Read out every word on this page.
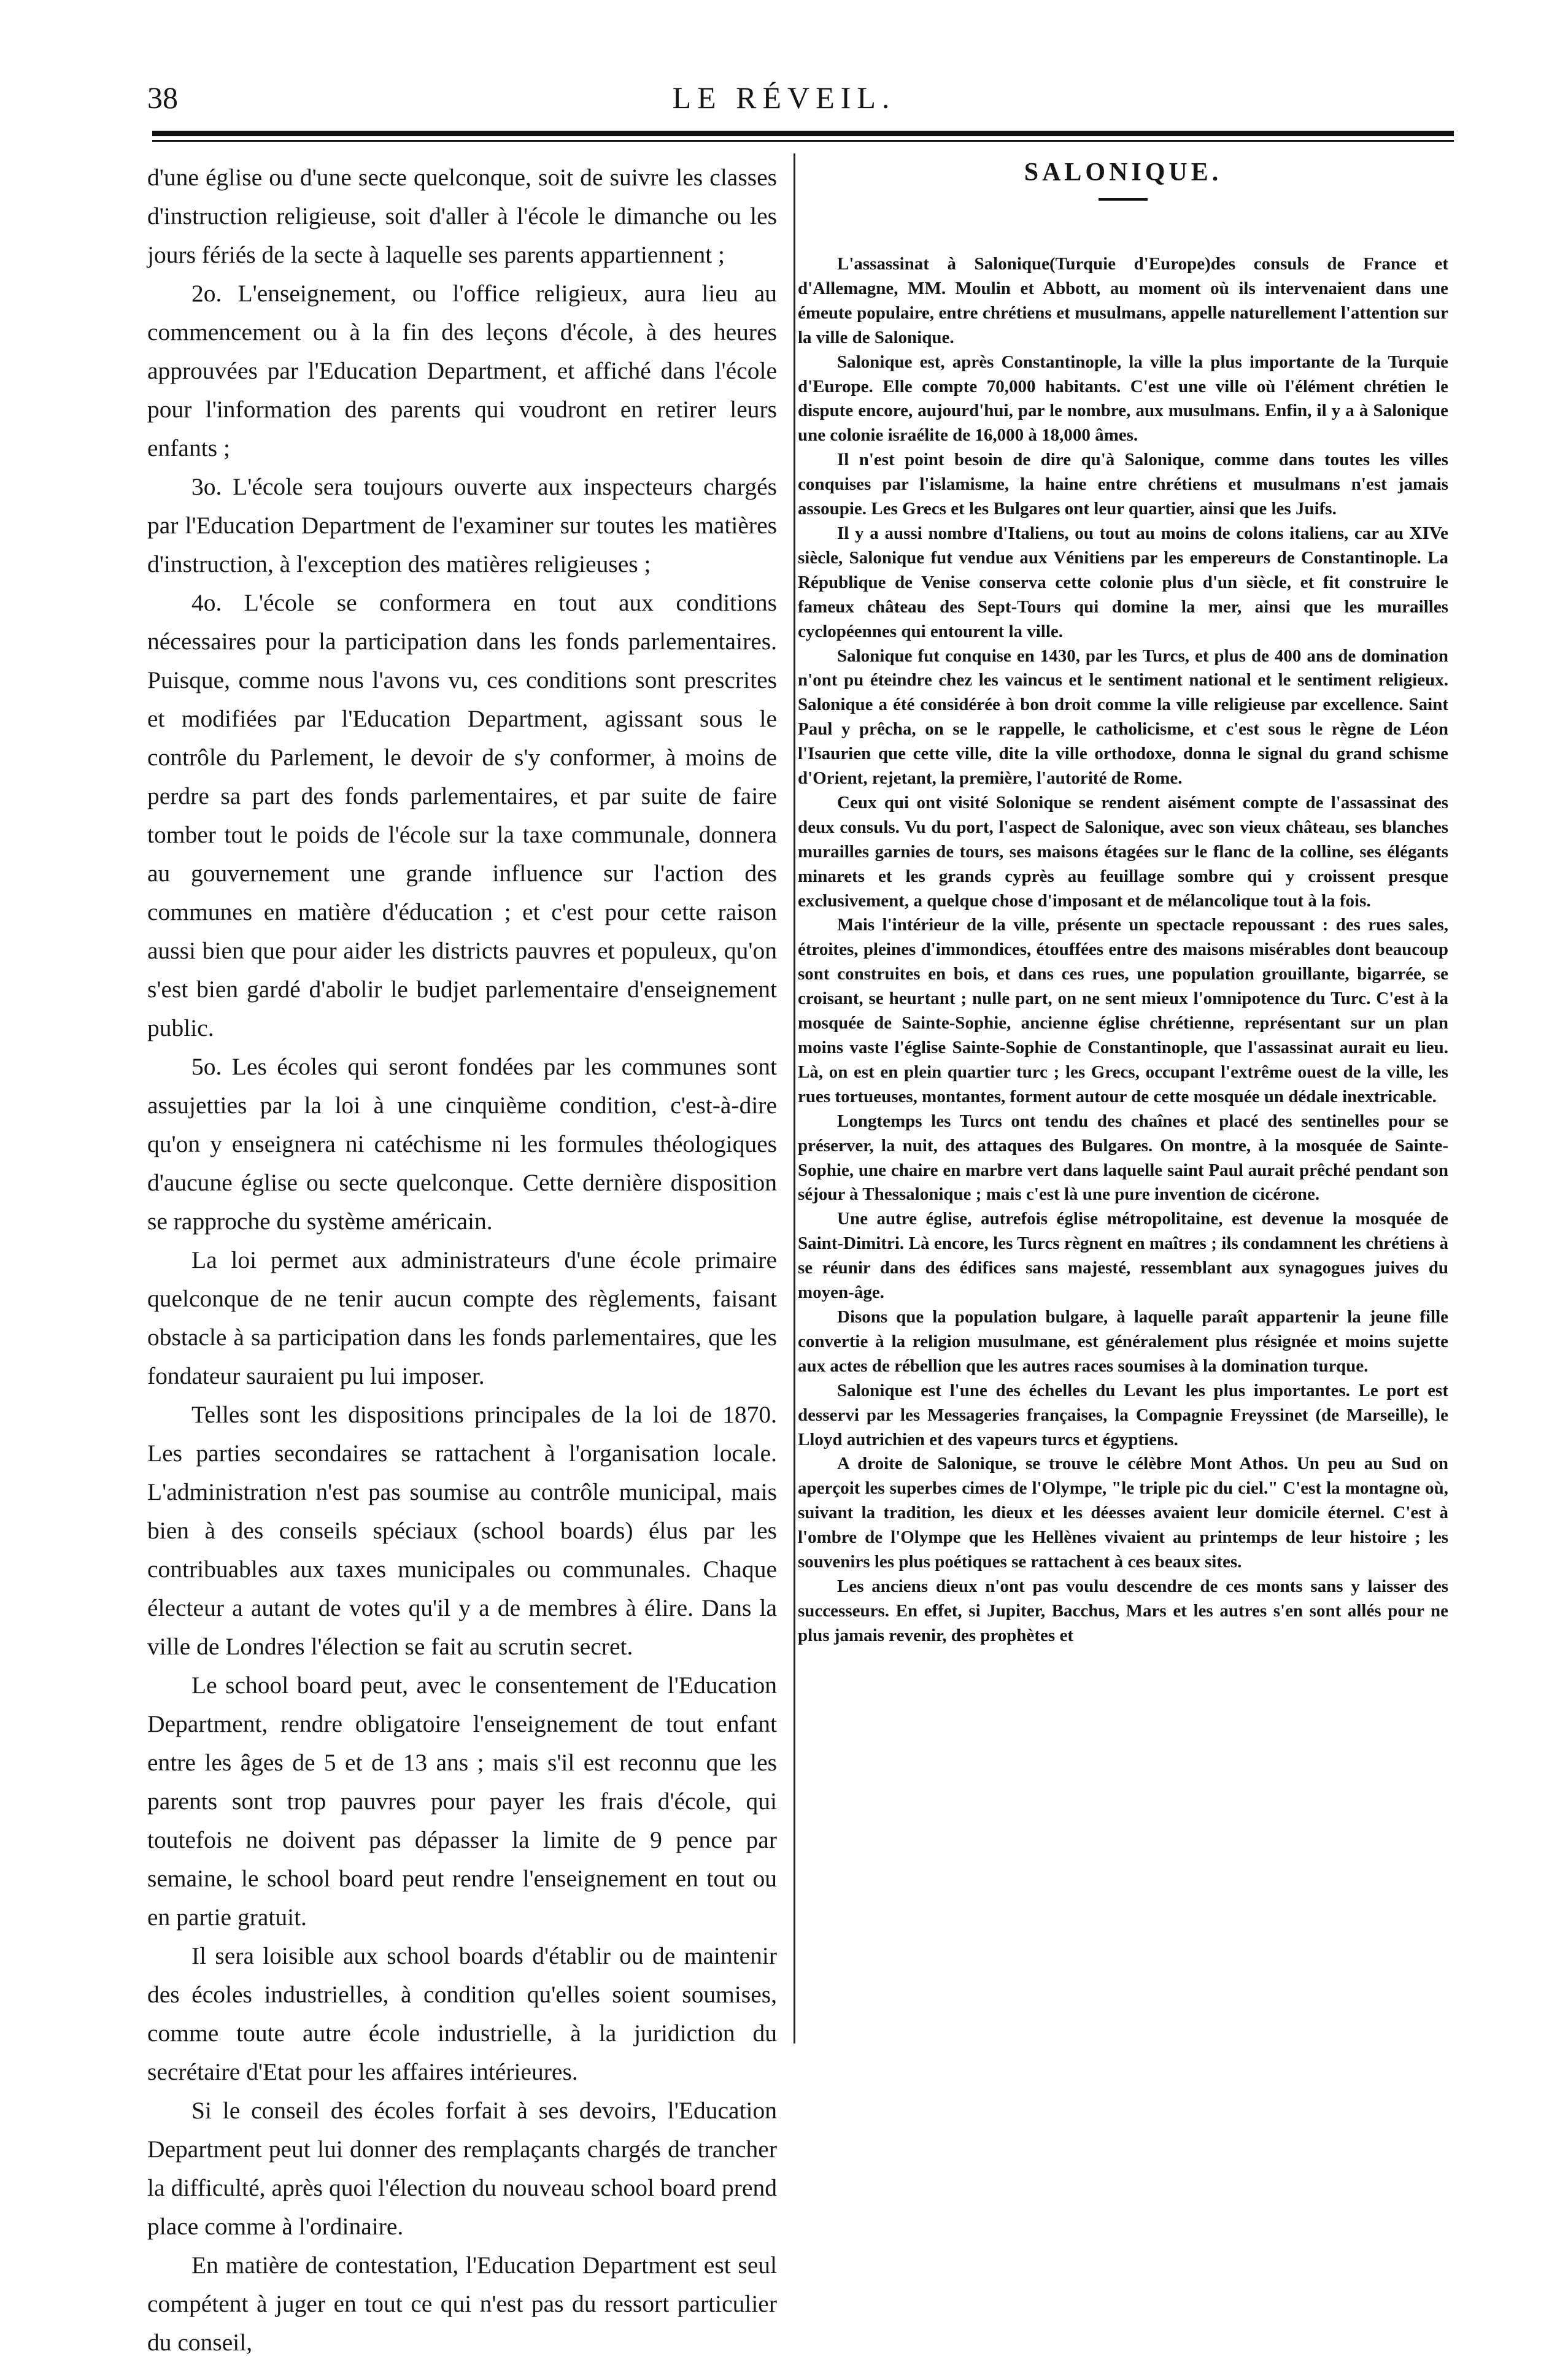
38	LE RÉVEIL.

d'une église ou d'une secte quelconque, soit de suivre les classes d'instruction religieuse, soit d'aller à l'école le dimanche ou les jours fériés de la secte à laquelle ses parents appartiennent ;

2o. L'enseignement, ou l'office religieux, aura lieu au commencement ou à la fin des leçons d'école, à des heures approuvées par l'Education Department, et affiché dans l'école pour l'information des parents qui voudront en retirer leurs enfants ;

3o. L'école sera toujours ouverte aux inspecteurs chargés par l'Education Department de l'examiner sur toutes les matières d'instruction, à l'exception des matières religieuses ;

4o. L'école se conformera en tout aux conditions nécessaires pour la participation dans les fonds parlementaires. Puisque, comme nous l'avons vu, ces conditions sont prescrites et modifiées par l'Education Department, agissant sous le contrôle du Parlement, le devoir de s'y conformer, à moins de perdre sa part des fonds parlementaires, et par suite de faire tomber tout le poids de l'école sur la taxe communale, donnera au gouvernement une grande influence sur l'action des communes en matière d'éducation ; et c'est pour cette raison aussi bien que pour aider les districts pauvres et populeux, qu'on s'est bien gardé d'abolir le budjet parlementaire d'enseignement public.

5o. Les écoles qui seront fondées par les communes sont assujetties par la loi à une cinquième condition, c'est-à-dire qu'on y enseignera ni catéchisme ni les formules théologiques d'aucune église ou secte quelconque. Cette dernière disposition se rapproche du système américain.

La loi permet aux administrateurs d'une école primaire quelconque de ne tenir aucun compte des règlements, faisant obstacle à sa participation dans les fonds parlementaires, que les fondateur sauraient pu lui imposer.

Telles sont les dispositions principales de la loi de 1870. Les parties secondaires se rattachent à l'organisation locale. L'administration n'est pas soumise au contrôle municipal, mais bien à des conseils spéciaux (school boards) élus par les contribuables aux taxes municipales ou communales. Chaque électeur a autant de votes qu'il y a de membres à élire. Dans la ville de Londres l'élection se fait au scrutin secret.

Le school board peut, avec le consentement de l'Education Department, rendre obligatoire l'enseignement de tout enfant entre les âges de 5 et de 13 ans ; mais s'il est reconnu que les parents sont trop pauvres pour payer les frais d'école, qui toutefois ne doivent pas dépasser la limite de 9 pence par semaine, le school board peut rendre l'enseignement en tout ou en partie gratuit.

Il sera loisible aux school boards d'établir ou de maintenir des écoles industrielles, à condition qu'elles soient soumises, comme toute autre école industrielle, à la juridiction du secrétaire d'Etat pour les affaires intérieures.

Si le conseil des écoles forfait à ses devoirs, l'Education Department peut lui donner des remplaçants chargés de trancher la difficulté, après quoi l'élection du nouveau school board prend place comme à l'ordinaire.

En matière de contestation, l'Education Department est seul compétent à juger en tout ce qui n'est pas du ressort particulier du conseil,

SALONIQUE.

L'assassinat à Salonique(Turquie d'Europe)des consuls de France et d'Allemagne, MM. Moulin et Abbott, au moment où ils intervenaient dans une émeute populaire, entre chrétiens et musulmans, appelle naturellement l'attention sur la ville de Salonique.

Salonique est, après Constantinople, la ville la plus importante de la Turquie d'Europe. Elle compte 70,000 habitants. C'est une ville où l'élément chrétien le dispute encore, aujourd'hui, par le nombre, aux musulmans. Enfin, il y a à Salonique une colonie israélite de 16,000 à 18,000 âmes.

Il n'est point besoin de dire qu'à Salonique, comme dans toutes les villes conquises par l'islamisme, la haine entre chrétiens et musulmans n'est jamais assoupie. Les Grecs et les Bulgares ont leur quartier, ainsi que les Juifs.

Il y a aussi nombre d'Italiens, ou tout au moins de colons italiens, car au XIVe siècle, Salonique fut vendue aux Vénitiens par les empereurs de Constantinople. La République de Venise conserva cette colonie plus d'un siècle, et fit construire le fameux château des Sept-Tours qui domine la mer, ainsi que les murailles cyclopéennes qui entourent la ville.

Salonique fut conquise en 1430, par les Turcs, et plus de 400 ans de domination n'ont pu éteindre chez les vaincus et le sentiment national et le sentiment religieux. Salonique a été considérée à bon droit comme la ville religieuse par excellence. Saint Paul y prêcha, on se le rappelle, le catholicisme, et c'est sous le règne de Léon l'Isaurien que cette ville, dite la ville orthodoxe, donna le signal du grand schisme d'Orient, rejetant, la première, l'autorité de Rome.

Ceux qui ont visité Solonique se rendent aisément compte de l'assassinat des deux consuls. Vu du port, l'aspect de Salonique, avec son vieux château, ses blanches murailles garnies de tours, ses maisons étagées sur le flanc de la colline, ses élégants minarets et les grands cyprès au feuillage sombre qui y croissent presque exclusivement, a quelque chose d'imposant et de mélancolique tout à la fois.

Mais l'intérieur de la ville, présente un spectacle repoussant : des rues sales, étroites, pleines d'immondices, étouffées entre des maisons misérables dont beaucoup sont construites en bois, et dans ces rues, une population grouillante, bigarrée, se croisant, se heurtant ; nulle part, on ne sent mieux l'omnipotence du Turc. C'est à la mosquée de Sainte-Sophie, ancienne église chrétienne, représentant sur un plan moins vaste l'église Sainte-Sophie de Constantinople, que l'assassinat aurait eu lieu. Là, on est en plein quartier turc ; les Grecs, occupant l'extrême ouest de la ville, les rues tortueuses, montantes, forment autour de cette mosquée un dédale inextricable.

Longtemps les Turcs ont tendu des chaînes et placé des sentinelles pour se préserver, la nuit, des attaques des Bulgares. On montre, à la mosquée de Sainte-Sophie, une chaire en marbre vert dans laquelle saint Paul aurait prêché pendant son séjour à Thessalonique ; mais c'est là une pure invention de cicérone.

Une autre église, autrefois église métropolitaine, est devenue la mosquée de Saint-Dimitri. Là encore, les Turcs règnent en maîtres ; ils condamnent les chrétiens à se réunir dans des édifices sans majesté, ressemblant aux synagogues juives du moyen-âge.

Disons que la population bulgare, à laquelle paraît appartenir la jeune fille convertie à la religion musulmane, est généralement plus résignée et moins sujette aux actes de rébellion que les autres races soumises à la domination turque.

Salonique est l'une des échelles du Levant les plus importantes. Le port est desservi par les Messageries françaises, la Compagnie Freyssinet (de Marseille), le Lloyd autrichien et des vapeurs turcs et égyptiens.

A droite de Salonique, se trouve le célèbre Mont Athos. Un peu au Sud on aperçoit les superbes cimes de l'Olympe, "le triple pic du ciel." C'est la montagne où, suivant la tradition, les dieux et les déesses avaient leur domicile éternel. C'est à l'ombre de l'Olympe que les Hellènes vivaient au printemps de leur histoire ; les souvenirs les plus poétiques se rattachent à ces beaux sites.

Les anciens dieux n'ont pas voulu descendre de ces monts sans y laisser des successeurs. En effet, si Jupiter, Bacchus, Mars et les autres s'en sont allés pour ne plus jamais revenir, des prophètes et
